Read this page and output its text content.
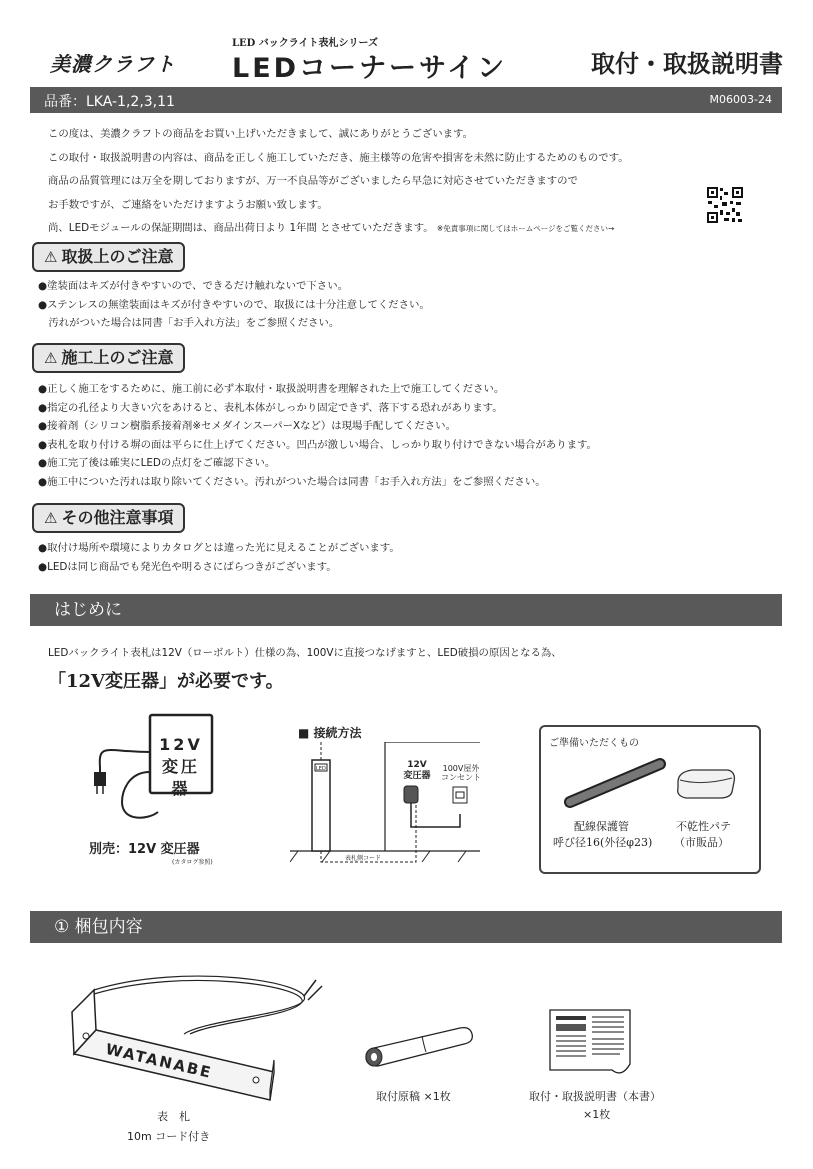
美濃クラフト
LED バックライト表札シリーズ
LEDコーナーサイン	取付・取扱説明書
品番：LKA-1,2,3,11	M06003-24
この度は、美濃クラフトの商品をお買い上げいただきまして、誠にありがとうございます。
この取付・取扱説明書の内容は、商品を正しく施工していただき、施主様等の危害や損害を未然に防止するためのものです。
商品の品質管理には万全を期しておりますが、万一不良品等がございましたら早急に対応させていただきますので
お手数ですが、ご連絡をいただけますようお願い致します。
尚、LEDモジュールの保証期間は、商品出荷日より 1年間 とさせていただきます。 ※免責事項に関してはホームページをご覧ください→
⚠ 取扱上のご注意
●塗装面はキズが付きやすいので、できるだけ触れないで下さい。
●ステンレスの無塗装面はキズが付きやすいので、取扱には十分注意してください。
　汚れがついた場合は同書「お手入れ方法」をご参照ください。
⚠ 施工上のご注意
●正しく施工をするために、施工前に必ず本取付・取扱説明書を理解された上で施工してください。
●指定の孔径より大きい穴をあけると、表札本体がしっかり固定できず、落下する恐れがあります。
●接着剤（シリコン樹脂系接着剤※セメダインスーパーXなど）は現場手配してください。
●表札を取り付ける塀の面は平らに仕上げてください。凹凸が激しい場合、しっかり取り付けできない場合があります。
●施工完了後は確実にLEDの点灯をご確認下さい。
●施工中についた汚れは取り除いてください。汚れがついた場合は同書「お手入れ方法」をご参照ください。
⚠ その他注意事項
●取付け場所や環境によりカタログとは違った光に見えることがございます。
●LEDは同じ商品でも発光色や明るさにばらつきがございます。
はじめに
LEDバックライト表札は12V（ローボルト）仕様の為、100Vに直接つなげますと、LED破損の原因となる為、
「12V変圧器」が必要です。
12V
変圧器
別売：12V 変圧器
(カタログ参照)
■ 接続方法
LED	12V
変圧器
100V屋外
コンセント
表札側コード
ご準備いただくもの
配線保護管
呼び径16(外径φ23)
不乾性パテ
（市販品）
① 梱包内容
WATANABE
表　札
10m コード付き
取付原稿 ×1枚	取付・取扱説明書（本書）
×1枚
